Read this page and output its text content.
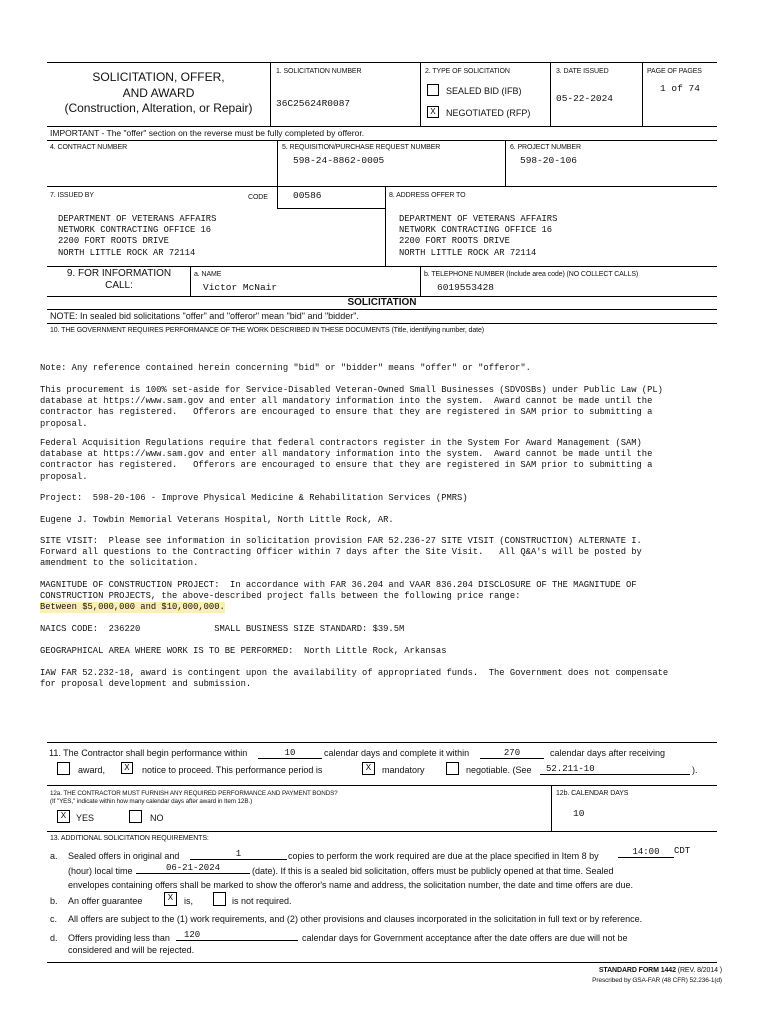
SOLICITATION, OFFER,
AND AWARD
(Construction, Alteration, or Repair)
1. SOLICITATION NUMBER
36C25624R0087
2. TYPE OF SOLICITATION
SEALED BID (IFB)
X	NEGOTIATED (RFP)
3. DATE ISSUED
05-22-2024
PAGE OF PAGES
1 of 74
IMPORTANT - The "offer" section on the reverse must be fully completed by offeror.
4. CONTRACT NUMBER	5. REQUISITION/PURCHASE REQUEST NUMBER
598-24-8862-0005
6. PROJECT NUMBER
598-20-106
7. ISSUED BY	CODE	00586	8. ADDRESS OFFER TO
DEPARTMENT OF VETERANS AFFAIRS
NETWORK CONTRACTING OFFICE 16
2200 FORT ROOTS DRIVE
NORTH LITTLE ROCK AR 72114
DEPARTMENT OF VETERANS AFFAIRS
NETWORK CONTRACTING OFFICE 16
2200 FORT ROOTS DRIVE
NORTH LITTLE ROCK AR 72114
9. FOR INFORMATION
CALL:
a. NAME
Victor McNair
b. TELEPHONE NUMBER (Include area code) (NO COLLECT CALLS)
6019553428
SOLICITATION
NOTE: In sealed bid solicitations "offer" and "offeror" mean "bid" and "bidder".
10. THE GOVERNMENT REQUIRES PERFORMANCE OF THE WORK DESCRIBED IN THESE DOCUMENTS (Title, identifying number, date)
Note: Any reference contained herein concerning "bid" or "bidder" means "offer" or "offeror".
This procurement is 100% set-aside for Service-Disabled Veteran-Owned Small Businesses (SDVOSBs) under Public Law (PL)
database at https://www.sam.gov and enter all mandatory information into the system.  Award cannot be made until the
contractor has registered.   Offerors are encouraged to ensure that they are registered in SAM prior to submitting a
proposal.
Federal Acquisition Regulations require that federal contractors register in the System For Award Management (SAM)
database at https://www.sam.gov and enter all mandatory information into the system.  Award cannot be made until the
contractor has registered.   Offerors are encouraged to ensure that they are registered in SAM prior to submitting a
proposal.
Project:  598-20-106 - Improve Physical Medicine & Rehabilitation Services (PMRS)
Eugene J. Towbin Memorial Veterans Hospital, North Little Rock, AR.
SITE VISIT:  Please see information in solicitation provision FAR 52.236-27 SITE VISIT (CONSTRUCTION) ALTERNATE I.
Forward all questions to the Contracting Officer within 7 days after the Site Visit.   All Q&A's will be posted by
amendment to the solicitation.
MAGNITUDE OF CONSTRUCTION PROJECT:  In accordance with FAR 36.204 and VAAR 836.204 DISCLOSURE OF THE MAGNITUDE OF
CONSTRUCTION PROJECTS, the above-described project falls between the following price range:
Between $5,000,000 and $10,000,000.
NAICS CODE:  236220              SMALL BUSINESS SIZE STANDARD: $39.5M
GEOGRAPHICAL AREA WHERE WORK IS TO BE PERFORMED:  North Little Rock, Arkansas
IAW FAR 52.232-18, award is contingent upon the availability of appropriated funds.  The Government does not compensate
for proposal development and submission.
11. The Contractor shall begin performance within	10	calendar days and complete it within	270	calendar days after receiving
award,	X	notice to proceed. This performance period is	X	mandatory	negotiable. (See	52.211-10	).
12a. THE CONTRACTOR MUST FURNISH ANY REQUIRED PERFORMANCE AND PAYMENT BONDS?
(If "YES," indicate within how many calendar days after award in Item 12B.)
X	YES	NO
12b. CALENDAR DAYS
10
13. ADDITIONAL SOLICITATION REQUIREMENTS:
a. Sealed offers in original and	1	copies to perform the work required are due at the place specified in Item 8 by	14:00	CDT
(hour) local time	06-21-2024	(date). If this is a sealed bid solicitation, offers must be publicly opened at that time. Sealed
envelopes containing offers shall be marked to show the offeror's name and address, the solicitation number, the date and time offers are due.
b. An offer guarantee	X	is,	is not required.
c. All offers are subject to the (1) work requirements, and (2) other provisions and clauses incorporated in the solicitation in full text or by reference.
d. Offers providing less than	120	calendar days for Government acceptance after the date offers are due will not be
considered and will be rejected.
STANDARD FORM 1442 (REV. 8/2014 )
Prescribed by GSA-FAR (48 CFR) 52.236-1(d)
